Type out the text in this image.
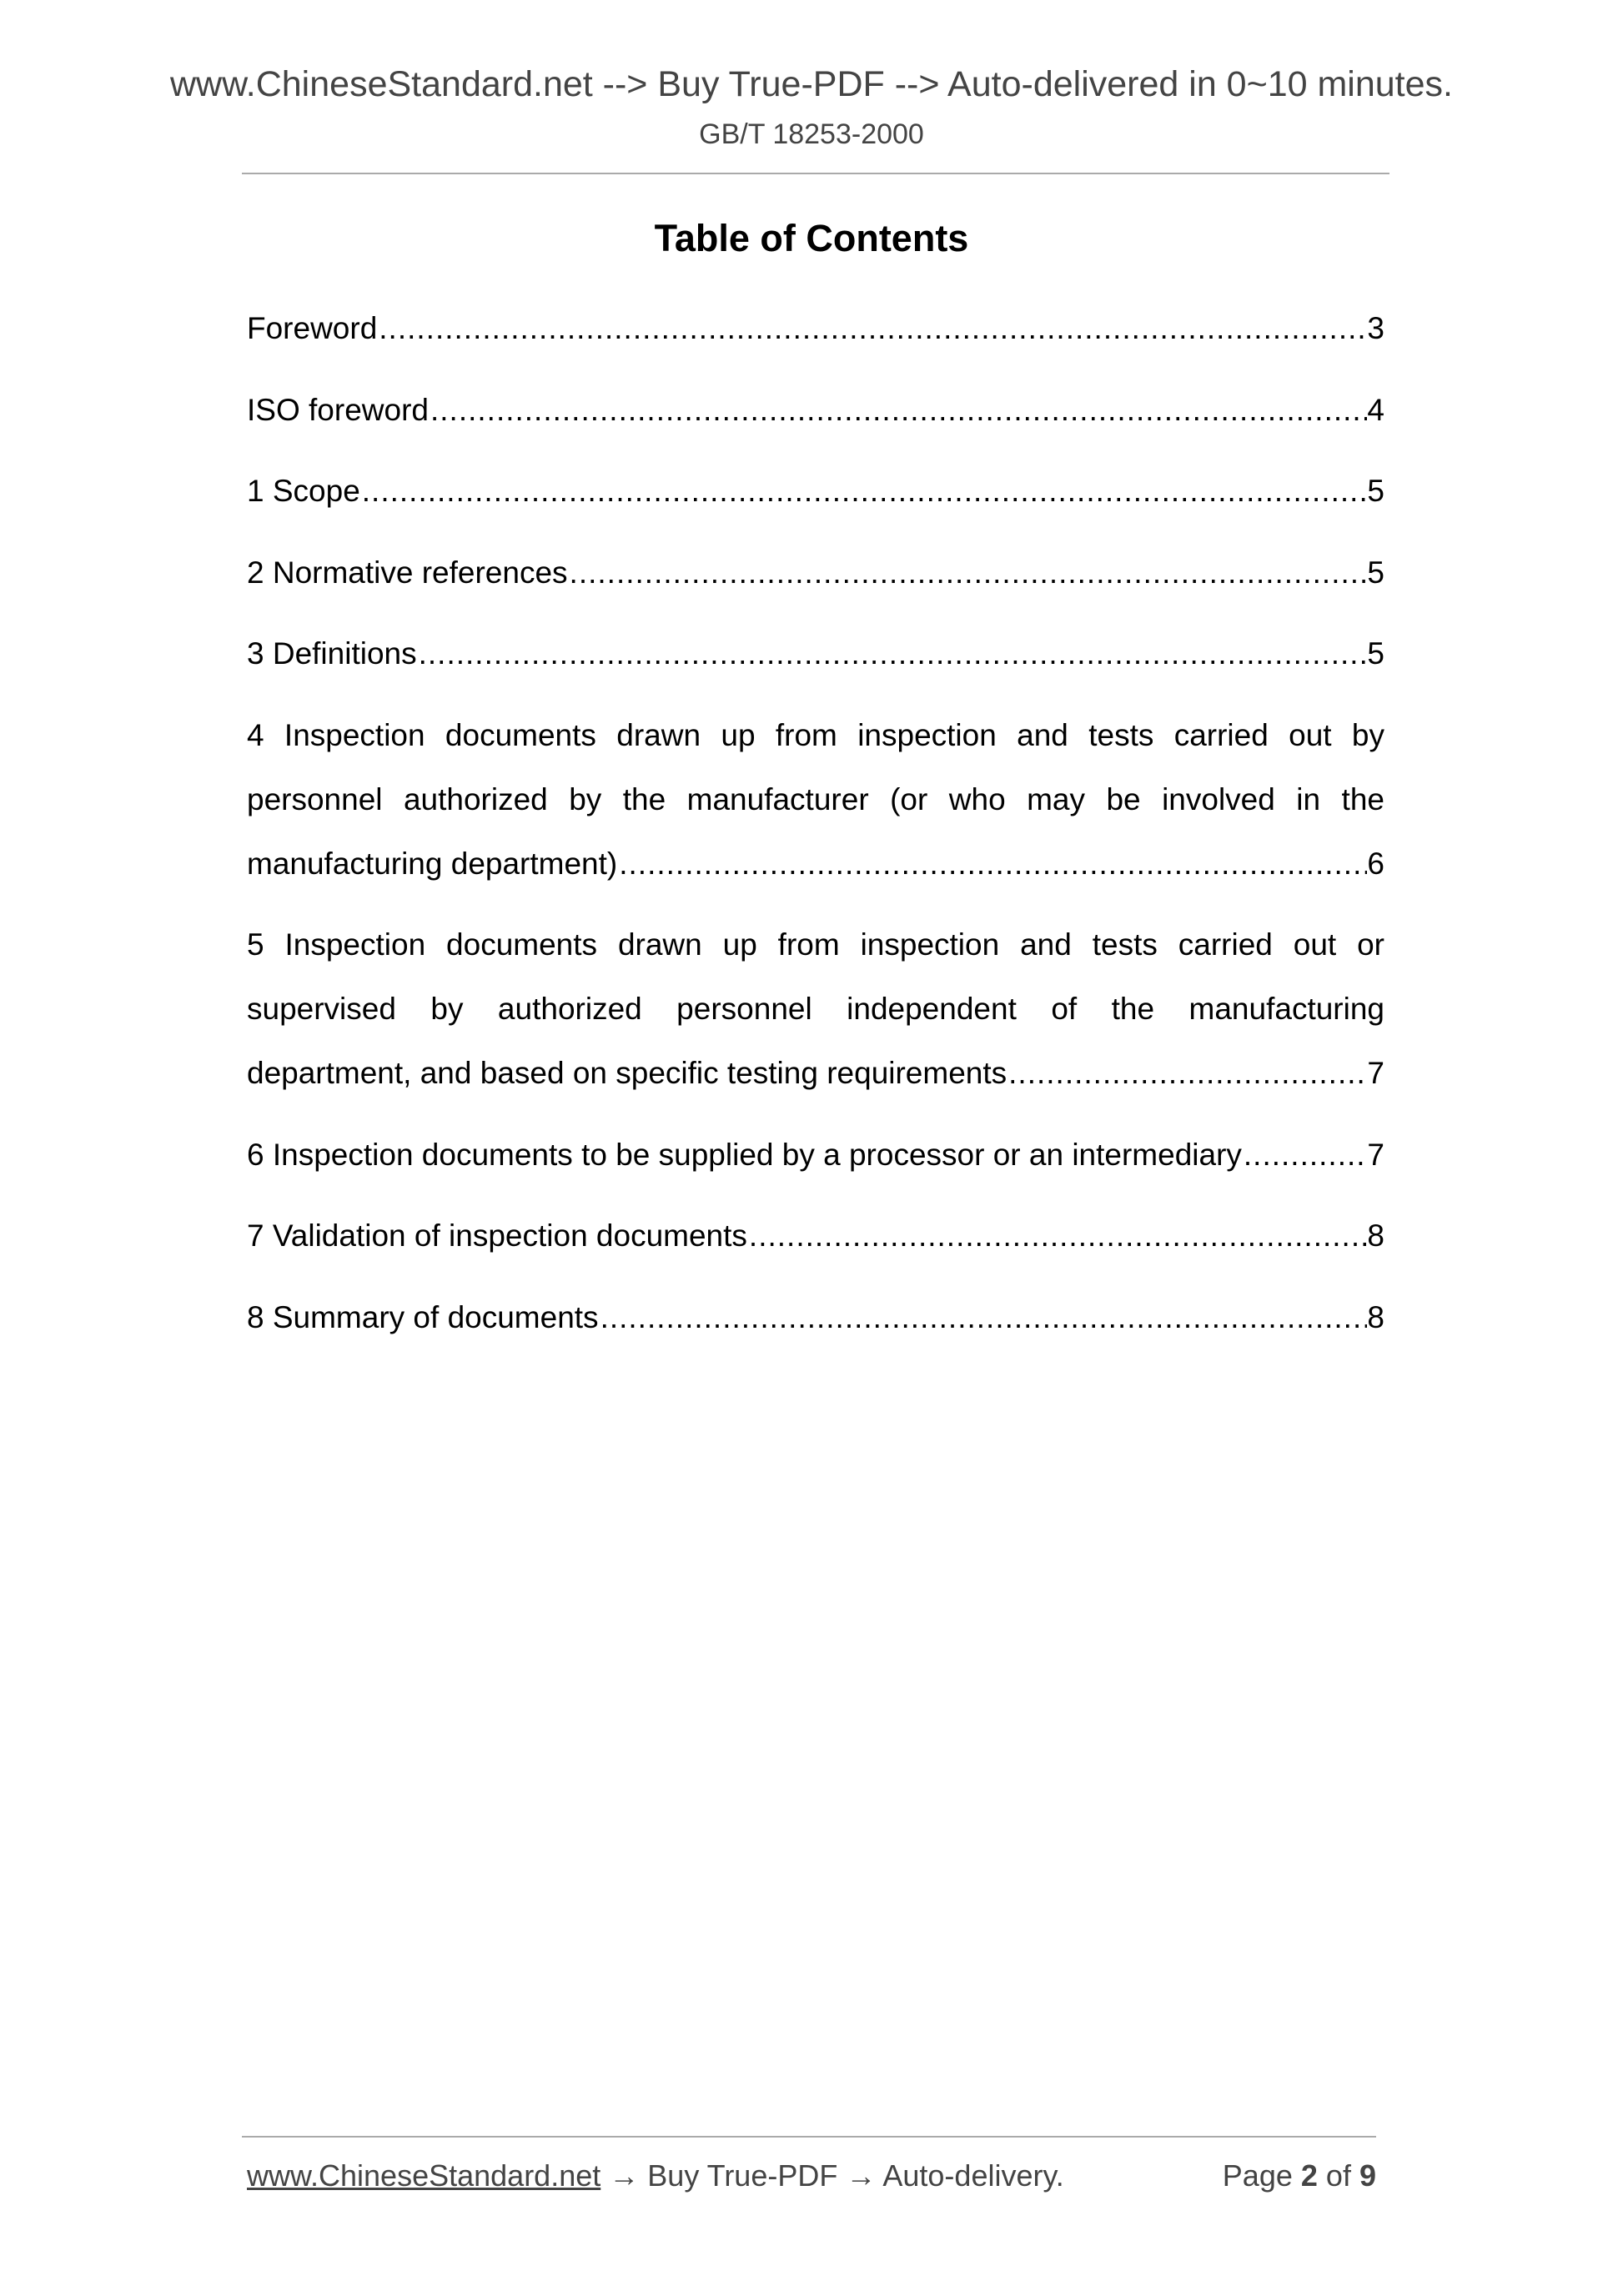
www.ChineseStandard.net --> Buy True-PDF --> Auto-delivered in 0~10 minutes.
GB/T 18253-2000
Table of Contents
Foreword .....	3
ISO foreword .....	4
1 Scope .....	5
2 Normative references .....	5
3 Definitions .....	5
4 Inspection documents drawn up from inspection and tests carried out by
personnel authorized by the manufacturer (or who may be involved in the
manufacturing department) .....	6
5 Inspection documents drawn up from inspection and tests carried out or
supervised by authorized personnel independent of the manufacturing
department, and based on specific testing requirements .....	7
6 Inspection documents to be supplied by a processor or an intermediary .....	7
7 Validation of inspection documents .....	8
8 Summary of documents .....	8
www.ChineseStandard.net → Buy True-PDF → Auto-delivery.	Page 2 of 9
